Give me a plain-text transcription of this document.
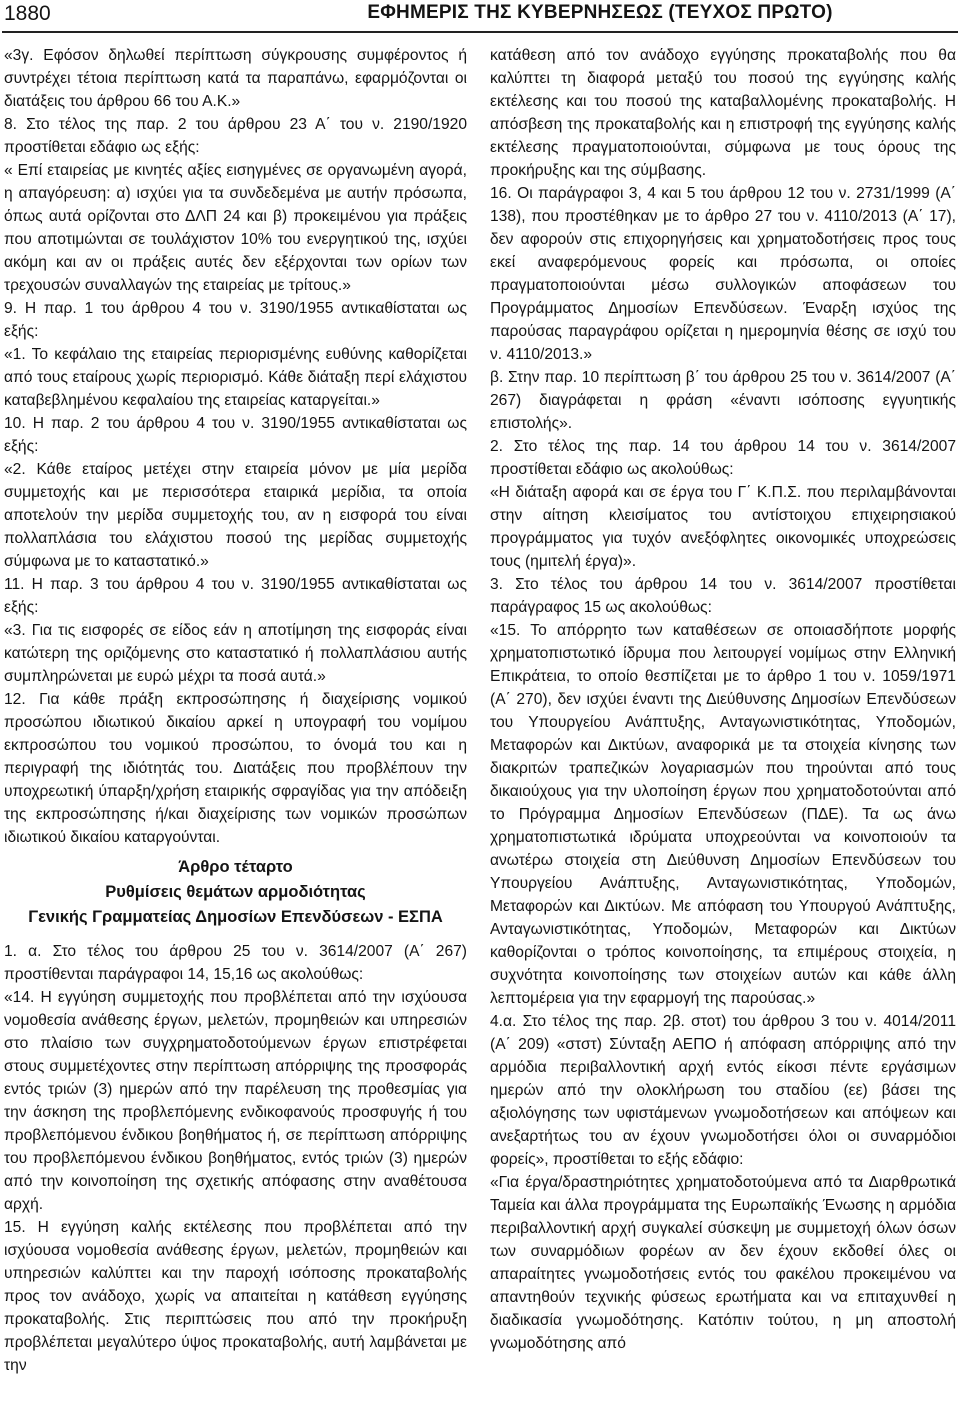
1880	ΕΦΗΜΕΡΙΣ ΤΗΣ ΚΥΒΕΡΝΗΣΕΩΣ (ΤΕΥΧΟΣ ΠΡΩΤΟ)

«3γ. Εφόσον δηλωθεί περίπτωση σύγκρουσης συμφέροντος ή συντρέχει τέτοια περίπτωση κατά τα παραπάνω, εφαρμόζονται οι διατάξεις του άρθρου 66 του Α.Κ.»

8. Στο τέλος της παρ. 2 του άρθρου 23 Α΄ του ν. 2190/1920 προστίθεται εδάφιο ως εξής:

« Επί εταιρείας με κινητές αξίες εισηγμένες σε οργανωμένη αγορά, η απαγόρευση: α) ισχύει για τα συνδεδεμένα με αυτήν πρόσωπα, όπως αυτά ορίζονται στο ΔΛΠ 24 και β) προκειμένου για πράξεις που αποτιμώνται σε τουλάχιστον 10% του ενεργητικού της, ισχύει ακόμη και αν οι πράξεις αυτές δεν εξέρχονται των ορίων των τρεχουσών συναλλαγών της εταιρείας με τρίτους.»

9. Η παρ. 1 του άρθρου 4 του ν. 3190/1955 αντικαθίσταται ως εξής:

«1. Το κεφάλαιο της εταιρείας περιορισμένης ευθύνης καθορίζεται από τους εταίρους χωρίς περιορισμό. Κάθε διάταξη περί ελάχιστου καταβεβλημένου κεφαλαίου της εταιρείας καταργείται.»

10. Η παρ. 2 του άρθρου 4 του ν. 3190/1955 αντικαθίσταται ως εξής:

«2. Κάθε εταίρος μετέχει στην εταιρεία μόνον με μία μερίδα συμμετοχής και με περισσότερα εταιρικά μερίδια, τα οποία αποτελούν την μερίδα συμμετοχής του, αν η εισφορά του είναι πολλαπλάσια του ελάχιστου ποσού της μερίδας συμμετοχής σύμφωνα με το καταστατικό.»

11. Η παρ. 3 του άρθρου 4 του ν. 3190/1955 αντικαθίσταται ως εξής:

«3. Για τις εισφορές σε είδος εάν η αποτίμηση της εισφοράς είναι κατώτερη της οριζόμενης στο καταστατικό ή πολλαπλάσιου αυτής συμπληρώνεται με ευρώ μέχρι τα ποσά αυτά.»

12. Για κάθε πράξη εκπροσώπησης ή διαχείρισης νομικού προσώπου ιδιωτικού δικαίου αρκεί η υπογραφή του νομίμου εκπροσώπου του νομικού προσώπου, το όνομά του και η περιγραφή της ιδιότητάς του. Διατάξεις που προβλέπουν την υποχρεωτική ύπαρξη/χρήση εταιρικής σφραγίδας για την απόδειξη της εκπροσώπησης ή/και διαχείρισης των νομικών προσώπων ιδιωτικού δικαίου καταργούνται.

Άρθρο τέταρτο
Ρυθμίσεις θεμάτων αρμοδιότητας
Γενικής Γραμματείας Δημοσίων Επενδύσεων - ΕΣΠΑ

1. α. Στο τέλος του άρθρου 25 του ν. 3614/2007 (Α΄ 267) προστίθενται παράγραφοι 14, 15,16 ως ακολούθως:

«14. Η εγγύηση συμμετοχής που προβλέπεται από την ισχύουσα νομοθεσία ανάθεσης έργων, μελετών, προμηθειών και υπηρεσιών στο πλαίσιο των συγχρηματοδοτούμενων έργων επιστρέφεται στους συμμετέχοντες στην περίπτωση απόρριψης της προσφοράς εντός τριών (3) ημερών από την παρέλευση της προθεσμίας για την άσκηση της προβλεπόμενης ενδικοφανούς προσφυγής ή του προβλεπόμενου ένδικου βοηθήματος ή, σε περίπτωση απόρριψης του προβλεπόμενου ένδικου βοηθήματος, εντός τριών (3) ημερών από την κοινοποίηση της σχετικής απόφασης στην αναθέτουσα αρχή.

15. Η εγγύηση καλής εκτέλεσης που προβλέπεται από την ισχύουσα νομοθεσία ανάθεσης έργων, μελετών, προμηθειών και υπηρεσιών καλύπτει και την παροχή ισόποσης προκαταβολής προς τον ανάδοχο, χωρίς να απαιτείται η κατάθεση εγγύησης προκαταβολής. Στις περιπτώσεις που από την προκήρυξη προβλέπεται μεγαλύτερο ύψος προκαταβολής, αυτή λαμβάνεται με την

κατάθεση από τον ανάδοχο εγγύησης προκαταβολής που θα καλύπτει τη διαφορά μεταξύ του ποσού της εγγύησης καλής εκτέλεσης και του ποσού της καταβαλλομένης προκαταβολής. Η απόσβεση της προκαταβολής και η επιστροφή της εγγύησης καλής εκτέλεσης πραγματοποιούνται, σύμφωνα με τους όρους της προκήρυξης και της σύμβασης.

16. Οι παράγραφοι 3, 4 και 5 του άρθρου 12 του ν. 2731/1999 (Α΄ 138), που προστέθηκαν με το άρθρο 27 του ν. 4110/2013 (Α΄ 17), δεν αφορούν στις επιχορηγήσεις και χρηματοδοτήσεις προς τους εκεί αναφερόμενους φορείς και πρόσωπα, οι οποίες πραγματοποιούνται μέσω συλλογικών αποφάσεων του Προγράμματος Δημοσίων Επενδύσεων. Έναρξη ισχύος της παρούσας παραγράφου ορίζεται η ημερομηνία θέσης σε ισχύ του ν. 4110/2013.»

β. Στην παρ. 10 περίπτωση β΄ του άρθρου 25 του ν. 3614/2007 (Α΄ 267) διαγράφεται η φράση «έναντι ισόποσης εγγυητικής επιστολής».

2. Στο τέλος της παρ. 14 του άρθρου 14 του ν. 3614/2007 προστίθεται εδάφιο ως ακολούθως:

«Η διάταξη αφορά και σε έργα του Γ΄ Κ.Π.Σ. που περιλαμβάνονται στην αίτηση κλεισίματος του αντίστοιχου επιχειρησιακού προγράμματος για τυχόν ανεξόφλητες οικονομικές υποχρεώσεις τους (ημιτελή έργα)».

3. Στο τέλος του άρθρου 14 του ν. 3614/2007 προστίθεται παράγραφος 15 ως ακολούθως:

«15. Το απόρρητο των καταθέσεων σε οποιασδήποτε μορφής χρηματοπιστωτικό ίδρυμα που λειτουργεί νομίμως στην Ελληνική Επικράτεια, το οποίο θεσπίζεται με το άρθρο 1 του ν. 1059/1971 (Α΄ 270), δεν ισχύει έναντι της Διεύθυνσης Δημοσίων Επενδύσεων του Υπουργείου Ανάπτυξης, Ανταγωνιστικότητας, Υποδομών, Μεταφορών και Δικτύων, αναφορικά με τα στοιχεία κίνησης των διακριτών τραπεζικών λογαριασμών που τηρούνται από τους δικαιούχους για την υλοποίηση έργων που χρηματοδοτούνται από το Πρόγραμμα Δημοσίων Επενδύσεων (ΠΔΕ). Τα ως άνω χρηματοπιστωτικά ιδρύματα υποχρεούνται να κοινοποιούν τα ανωτέρω στοιχεία στη Διεύθυνση Δημοσίων Επενδύσεων του Υπουργείου Ανάπτυξης, Ανταγωνιστικότητας, Υποδομών, Μεταφορών και Δικτύων. Με απόφαση του Υπουργού Ανάπτυξης, Ανταγωνιστικότητας, Υποδομών, Μεταφορών και Δικτύων καθορίζονται ο τρόπος κοινοποίησης, τα επιμέρους στοιχεία, η συχνότητα κοινοποίησης των στοιχείων αυτών και κάθε άλλη λεπτομέρεια για την εφαρμογή της παρούσας.»

4.α. Στο τέλος της παρ. 2β. στοτ) του άρθρου 3 του ν. 4014/2011 (Α΄ 209) «στστ) Σύνταξη ΑΕΠΟ ή απόφαση απόρριψης από την αρμόδια περιβαλλοντική αρχή εντός είκοσι πέντε εργάσιμων ημερών από την ολοκλήρωση του σταδίου (εε) βάσει της αξιολόγησης των υφιστάμενων γνωμοδοτήσεων και απόψεων και ανεξαρτήτως του αν έχουν γνωμοδοτήσει όλοι οι συναρμόδιοι φορείς», προστίθεται το εξής εδάφιο:

«Για έργα/δραστηριότητες χρηματοδοτούμενα από τα Διαρθρωτικά Ταμεία και άλλα προγράμματα της Ευρωπαϊκής Ένωσης η αρμόδια περιβαλλοντική αρχή συγκαλεί σύσκεψη με συμμετοχή όλων όσων των συναρμόδιων φορέων αν δεν έχουν εκδοθεί όλες οι απαραίτητες γνωμοδοτήσεις εντός του φακέλου προκειμένου να απαντηθούν τεχνικής φύσεως ερωτήματα και να επιταχυνθεί η διαδικασία γνωμοδότησης. Κατόπιν τούτου, η μη αποστολή γνωμοδότησης από
